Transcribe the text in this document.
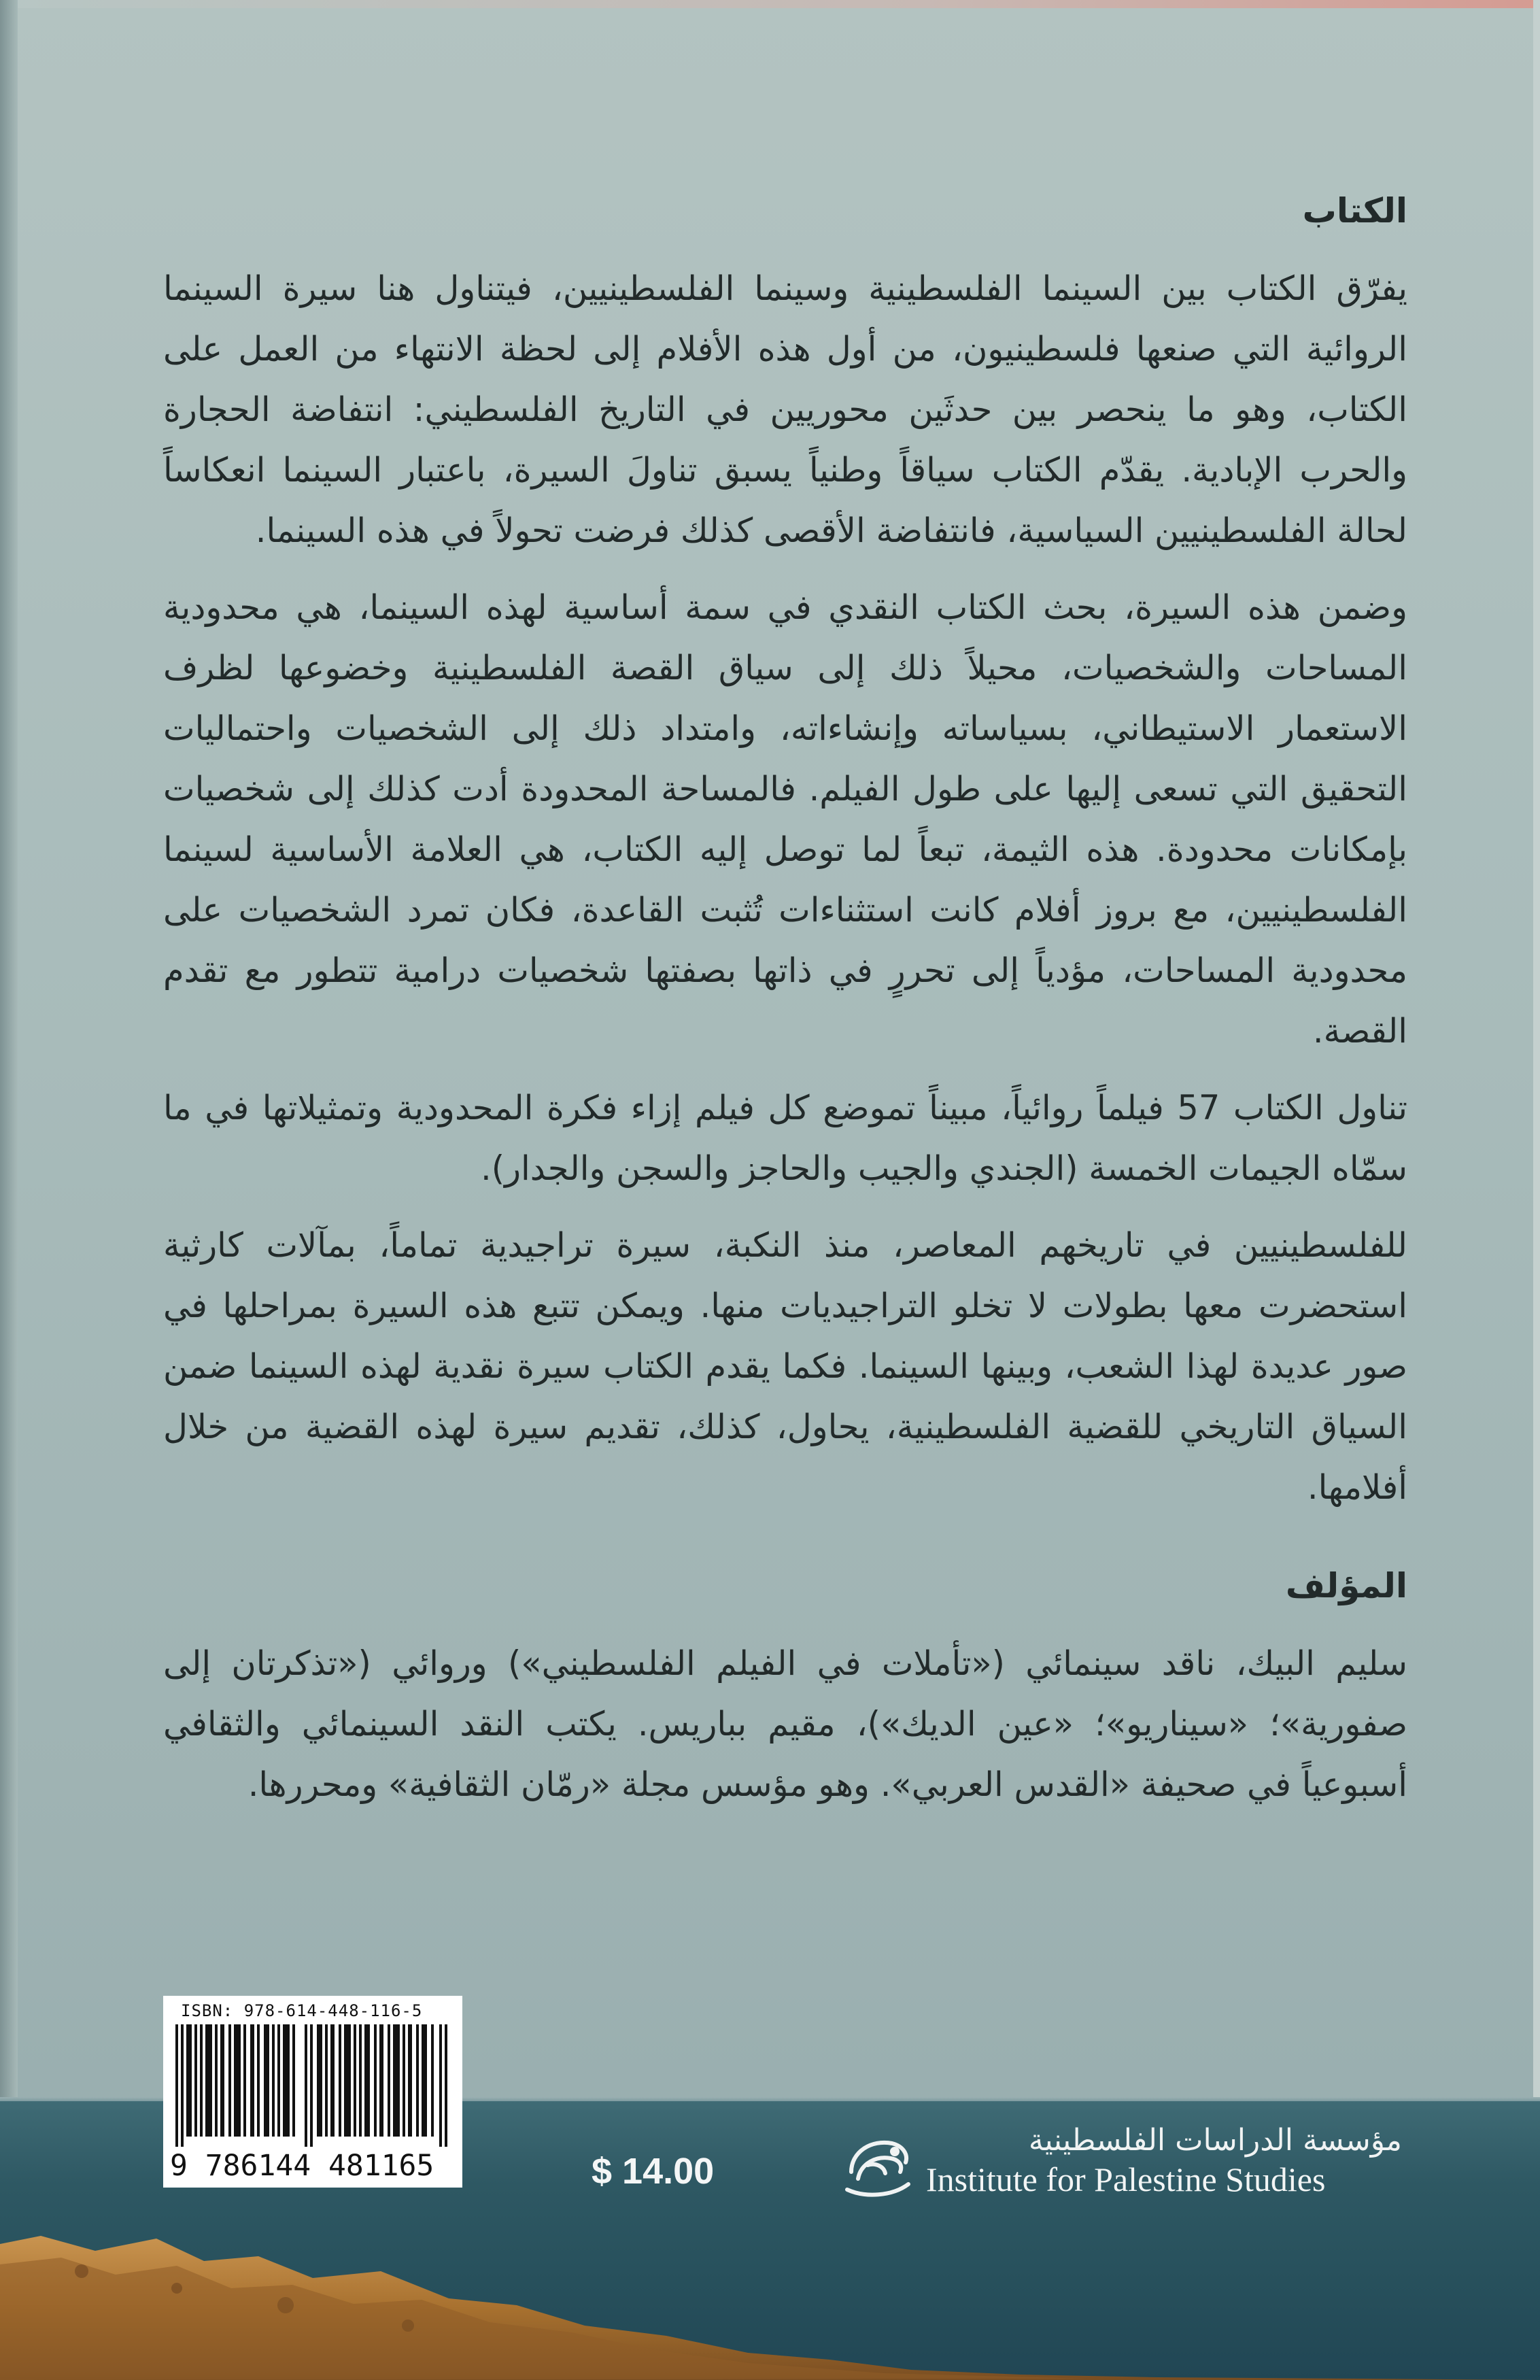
الكتاب

يفرّق الكتاب بين السينما الفلسطينية وسينما الفلسطينيين، فيتناول هنا سيرة السينما الروائية التي صنعها فلسطينيون، من أول هذه الأفلام إلى لحظة الانتهاء من العمل على الكتاب، وهو ما ينحصر بين حدثَين محوريين في التاريخ الفلسطيني: انتفاضة الحجارة والحرب الإبادية. يقدّم الكتاب سياقاً وطنياً يسبق تناولَ السيرة، باعتبار السينما انعكاساً لحالة الفلسطينيين السياسية، فانتفاضة الأقصى كذلك فرضت تحولاً في هذه السينما.

وضمن هذه السيرة، بحث الكتاب النقدي في سمة أساسية لهذه السينما، هي محدودية المساحات والشخصيات، محيلاً ذلك إلى سياق القصة الفلسطينية وخضوعها لظرف الاستعمار الاستيطاني، بسياساته وإنشاءاته، وامتداد ذلك إلى الشخصيات واحتماليات التحقيق التي تسعى إليها على طول الفيلم. فالمساحة المحدودة أدت كذلك إلى شخصيات بإمكانات محدودة. هذه الثيمة، تبعاً لما توصل إليه الكتاب، هي العلامة الأساسية لسينما الفلسطينيين، مع بروز أفلام كانت استثناءات تُثبت القاعدة، فكان تمرد الشخصيات على محدودية المساحات، مؤدياً إلى تحررٍ في ذاتها بصفتها شخصيات درامية تتطور مع تقدم القصة.

تناول الكتاب 57 فيلماً روائياً، مبيناً تموضع كل فيلم إزاء فكرة المحدودية وتمثيلاتها في ما سمّاه الجيمات الخمسة (الجندي والجيب والحاجز والسجن والجدار).

للفلسطينيين في تاريخهم المعاصر، منذ النكبة، سيرة تراجيدية تماماً، بمآلات كارثية استحضرت معها بطولات لا تخلو التراجيديات منها. ويمكن تتبع هذه السيرة بمراحلها في صور عديدة لهذا الشعب، وبينها السينما. فكما يقدم الكتاب سيرة نقدية لهذه السينما ضمن السياق التاريخي للقضية الفلسطينية، يحاول، كذلك، تقديم سيرة لهذه القضية من خلال أفلامها.

المؤلف

سليم البيك، ناقد سينمائي («تأملات في الفيلم الفلسطيني») وروائي («تذكرتان إلى صفورية»؛ «سيناريو»؛ «عين الديك»)، مقيم بباريس. يكتب النقد السينمائي والثقافي أسبوعياً في صحيفة «القدس العربي». وهو مؤسس مجلة «رمّان الثقافية» ومحررها.

ISBN: 978-614-448-116-5
9 786144 481165	$ 14.00
مؤسسة الدراسات الفلسطينية
Institute for Palestine Studies
